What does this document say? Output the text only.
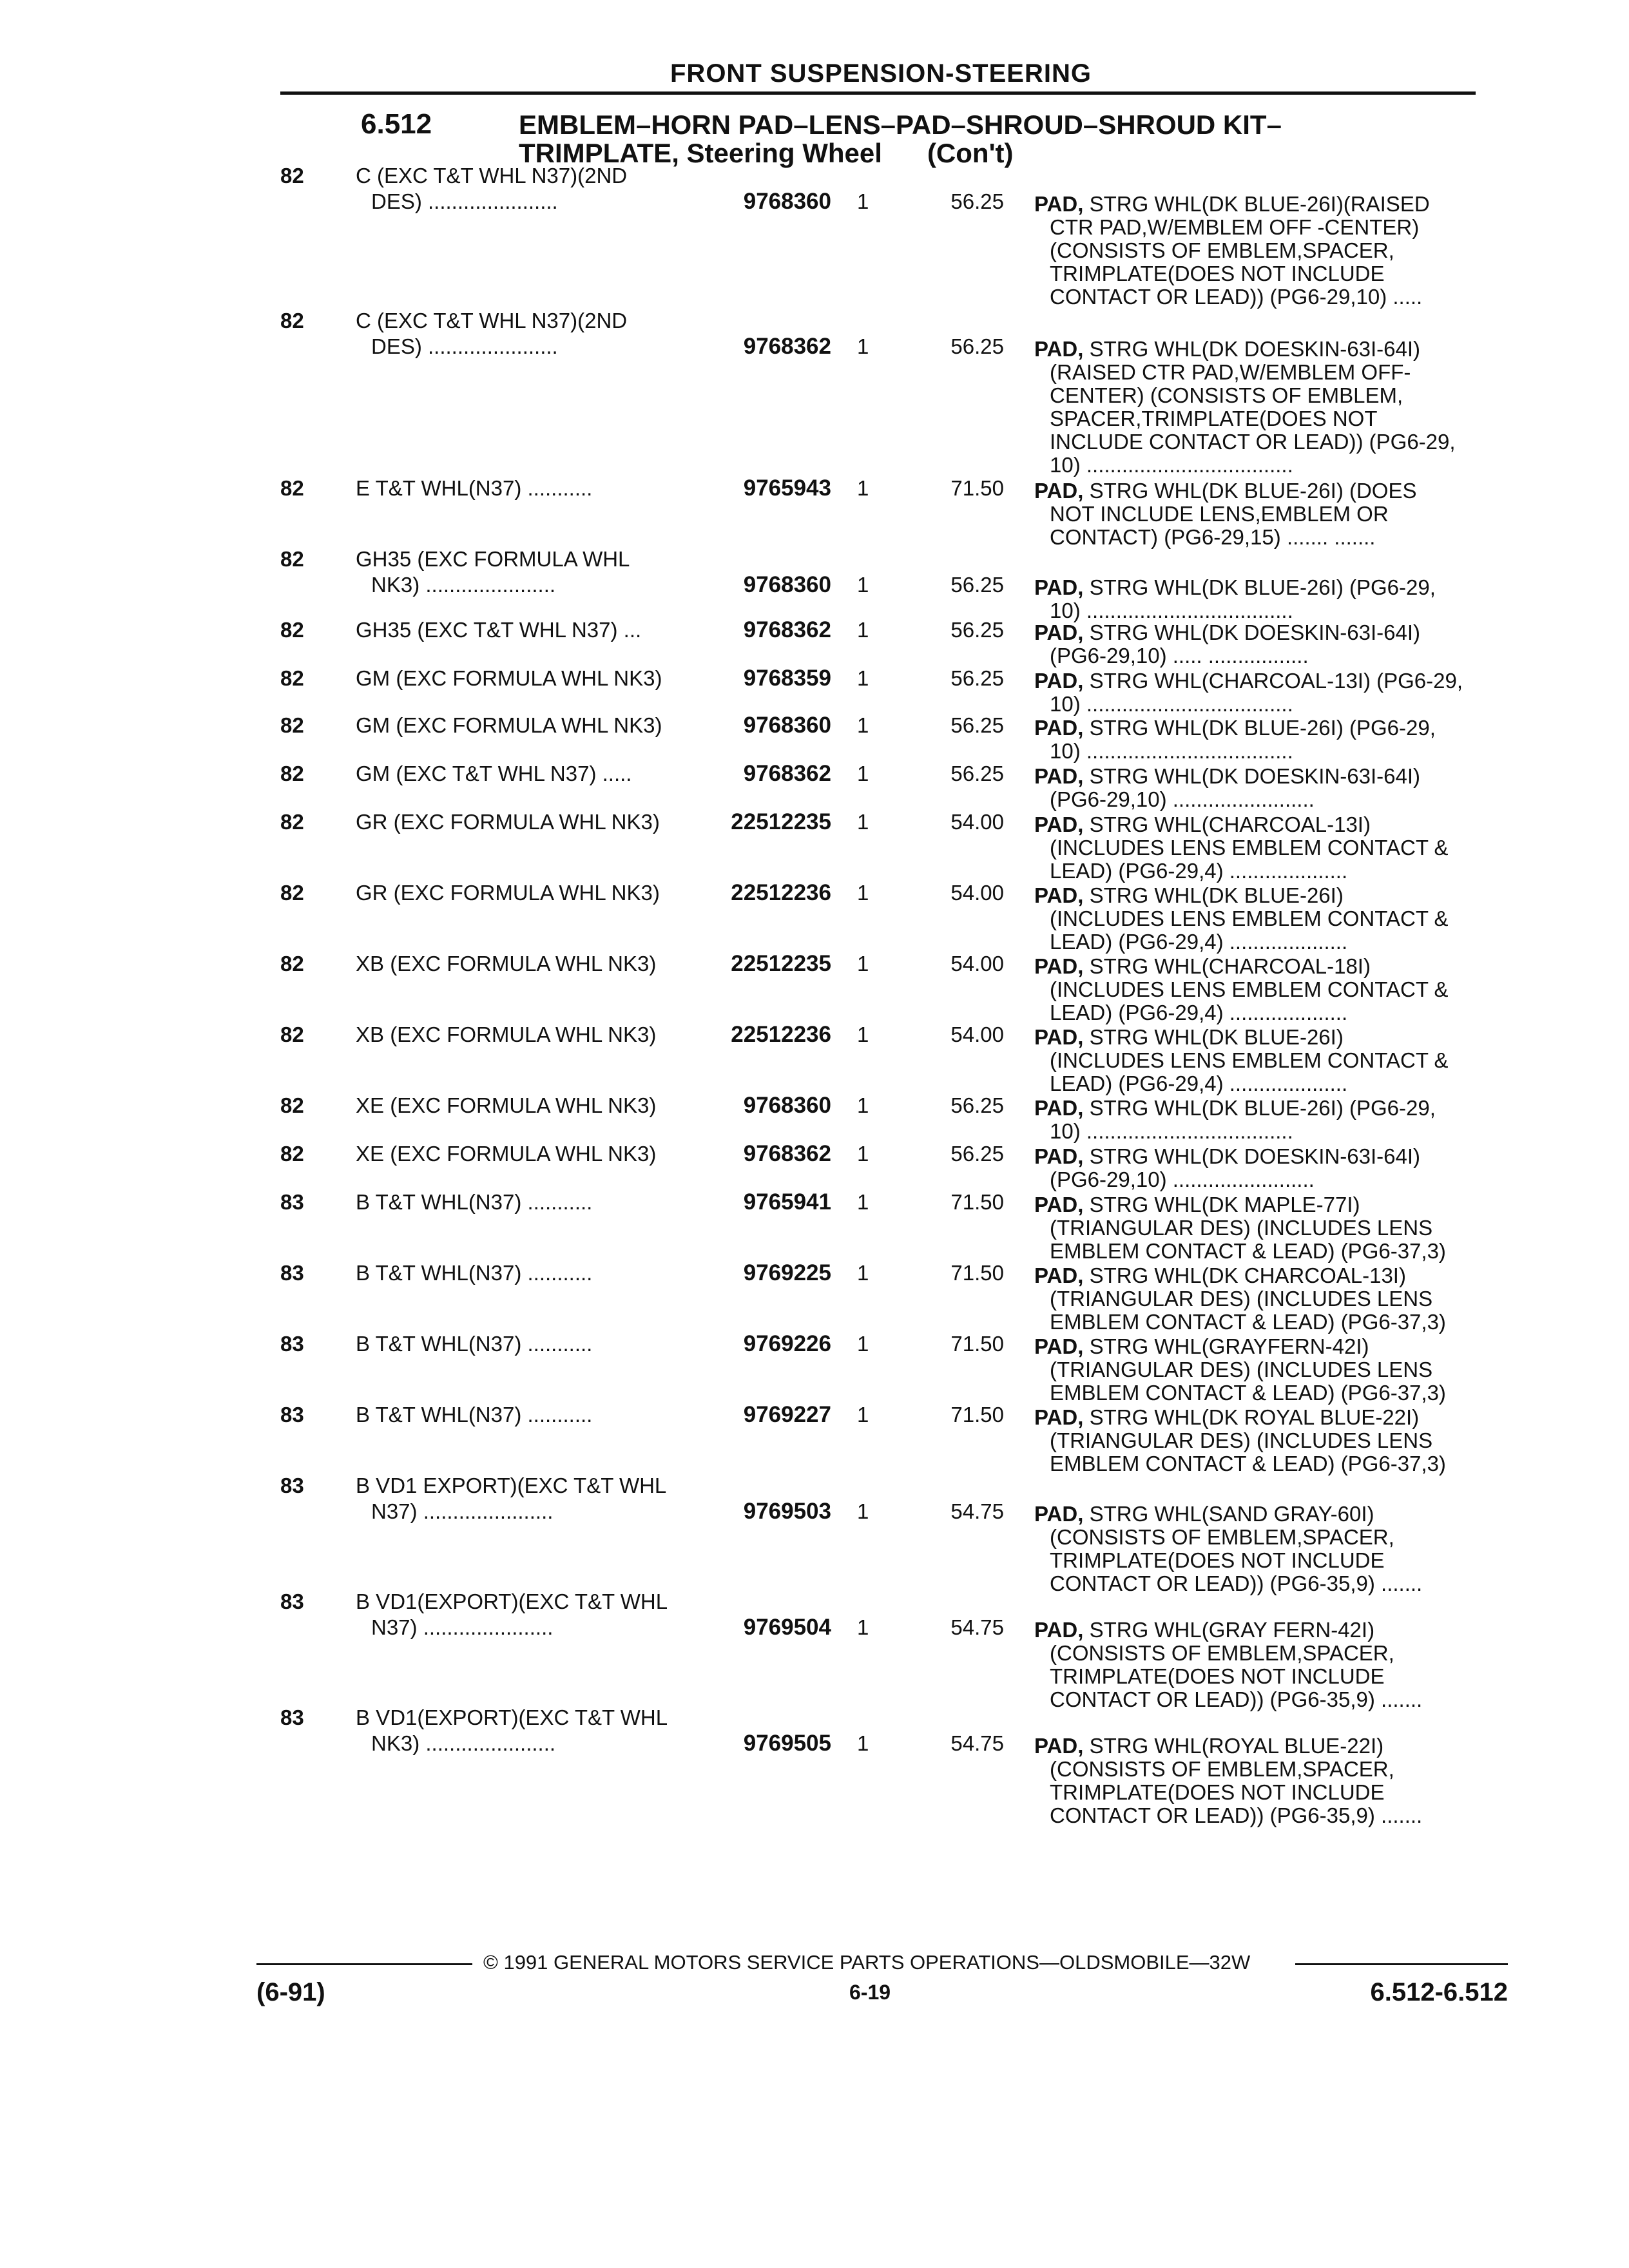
FRONT SUSPENSION-STEERING
6.512	EMBLEM–HORN PAD–LENS–PAD–SHROUD–SHROUD KIT–
TRIMPLATE, Steering Wheel (Con't)
82	C (EXC T&T WHL N37)(2ND
DES) ......................	9768360 1	56.25 PAD, STRG WHL(DK BLUE-26I)(RAISED
CTR PAD,W/EMBLEM OFF -CENTER)
(CONSISTS OF EMBLEM,SPACER,
TRIMPLATE(DOES NOT INCLUDE
CONTACT OR LEAD)) (PG6-29,10) .....
82	C (EXC T&T WHL N37)(2ND
DES) ......................	9768362 1	56.25 PAD, STRG WHL(DK DOESKIN-63I-64I)
(RAISED CTR PAD,W/EMBLEM OFF-
CENTER) (CONSISTS OF EMBLEM,
SPACER,TRIMPLATE(DOES NOT
INCLUDE CONTACT OR LEAD)) (PG6-29,
10) ...................................
82	E T&T WHL(N37) ...........	9765943 1	71.50 PAD, STRG WHL(DK BLUE-26I) (DOES
NOT INCLUDE LENS,EMBLEM OR
CONTACT) (PG6-29,15) ....... .......
82	GH35 (EXC FORMULA WHL
NK3) ......................	9768360 1	56.25 PAD, STRG WHL(DK BLUE-26I) (PG6-29,
10) ...................................
82	GH35 (EXC T&T WHL N37) ...	9768362 1	56.25 PAD, STRG WHL(DK DOESKIN-63I-64I)
(PG6-29,10) ..... .................
82	GM (EXC FORMULA WHL NK3)	9768359 1	56.25 PAD, STRG WHL(CHARCOAL-13I) (PG6-29,
10) ...................................
82	GM (EXC FORMULA WHL NK3)	9768360 1	56.25 PAD, STRG WHL(DK BLUE-26I) (PG6-29,
10) ...................................
82	GM (EXC T&T WHL N37) .....	9768362 1	56.25 PAD, STRG WHL(DK DOESKIN-63I-64I)
(PG6-29,10) ........................
82	GR (EXC FORMULA WHL NK3)	22512235 1	54.00 PAD, STRG WHL(CHARCOAL-13I)
(INCLUDES LENS EMBLEM CONTACT &
LEAD) (PG6-29,4) ....................
82	GR (EXC FORMULA WHL NK3)	22512236 1	54.00 PAD, STRG WHL(DK BLUE-26I)
(INCLUDES LENS EMBLEM CONTACT &
LEAD) (PG6-29,4) ....................
82	XB (EXC FORMULA WHL NK3)	22512235 1	54.00 PAD, STRG WHL(CHARCOAL-18I)
(INCLUDES LENS EMBLEM CONTACT &
LEAD) (PG6-29,4) ....................
82	XB (EXC FORMULA WHL NK3)	22512236 1	54.00 PAD, STRG WHL(DK BLUE-26I)
(INCLUDES LENS EMBLEM CONTACT &
LEAD) (PG6-29,4) ....................
82	XE (EXC FORMULA WHL NK3)	9768360 1	56.25 PAD, STRG WHL(DK BLUE-26I) (PG6-29,
10) ...................................
82	XE (EXC FORMULA WHL NK3)	9768362 1	56.25 PAD, STRG WHL(DK DOESKIN-63I-64I)
(PG6-29,10) ........................
83	B T&T WHL(N37) ...........	9765941 1	71.50 PAD, STRG WHL(DK MAPLE-77I)
(TRIANGULAR DES) (INCLUDES LENS
EMBLEM CONTACT & LEAD) (PG6-37,3)
83	B T&T WHL(N37) ...........	9769225 1	71.50 PAD, STRG WHL(DK CHARCOAL-13I)
(TRIANGULAR DES) (INCLUDES LENS
EMBLEM CONTACT & LEAD) (PG6-37,3)
83	B T&T WHL(N37) ...........	9769226 1	71.50 PAD, STRG WHL(GRAYFERN-42I)
(TRIANGULAR DES) (INCLUDES LENS
EMBLEM CONTACT & LEAD) (PG6-37,3)
83	B T&T WHL(N37) ...........	9769227 1	71.50 PAD, STRG WHL(DK ROYAL BLUE-22I)
(TRIANGULAR DES) (INCLUDES LENS
EMBLEM CONTACT & LEAD) (PG6-37,3)
83	B VD1 EXPORT)(EXC T&T WHL
N37) ......................	9769503 1	54.75 PAD, STRG WHL(SAND GRAY-60I)
(CONSISTS OF EMBLEM,SPACER,
TRIMPLATE(DOES NOT INCLUDE
CONTACT OR LEAD)) (PG6-35,9) .......
83	B VD1(EXPORT)(EXC T&T WHL
N37) ......................	9769504 1	54.75 PAD, STRG WHL(GRAY FERN-42I)
(CONSISTS OF EMBLEM,SPACER,
TRIMPLATE(DOES NOT INCLUDE
CONTACT OR LEAD)) (PG6-35,9) .......
83	B VD1(EXPORT)(EXC T&T WHL
NK3) ......................	9769505 1	54.75 PAD, STRG WHL(ROYAL BLUE-22I)
(CONSISTS OF EMBLEM,SPACER,
TRIMPLATE(DOES NOT INCLUDE
CONTACT OR LEAD)) (PG6-35,9) .......
© 1991 GENERAL MOTORS SERVICE PARTS OPERATIONS—OLDSMOBILE—32W
(6-91)	6-19	6.512-6.512
